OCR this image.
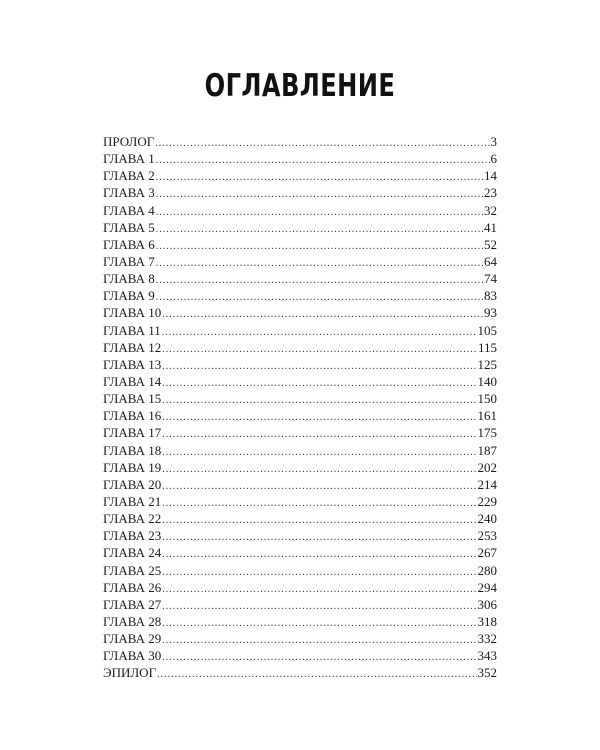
ОГЛАВЛЕНИЕ
ПРОЛОГ .....	3
ГЛАВА 1 .....	6
ГЛАВА 2 .....	14
ГЛАВА 3 .....	23
ГЛАВА 4 .....	32
ГЛАВА 5 .....	41
ГЛАВА 6 .....	52
ГЛАВА 7 .....	64
ГЛАВА 8 .....	74
ГЛАВА 9 .....	83
ГЛАВА 10 .....	93
ГЛАВА 11 .....	105
ГЛАВА 12 .....	115
ГЛАВА 13 .....	125
ГЛАВА 14 .....	140
ГЛАВА 15 .....	150
ГЛАВА 16 .....	161
ГЛАВА 17 .....	175
ГЛАВА 18 .....	187
ГЛАВА 19 .....	202
ГЛАВА 20 .....	214
ГЛАВА 21 .....	229
ГЛАВА 22 .....	240
ГЛАВА 23 .....	253
ГЛАВА 24 .....	267
ГЛАВА 25 .....	280
ГЛАВА 26 .....	294
ГЛАВА 27 .....	306
ГЛАВА 28 .....	318
ГЛАВА 29 .....	332
ГЛАВА 30 .....	343
ЭПИЛОГ .....	352
